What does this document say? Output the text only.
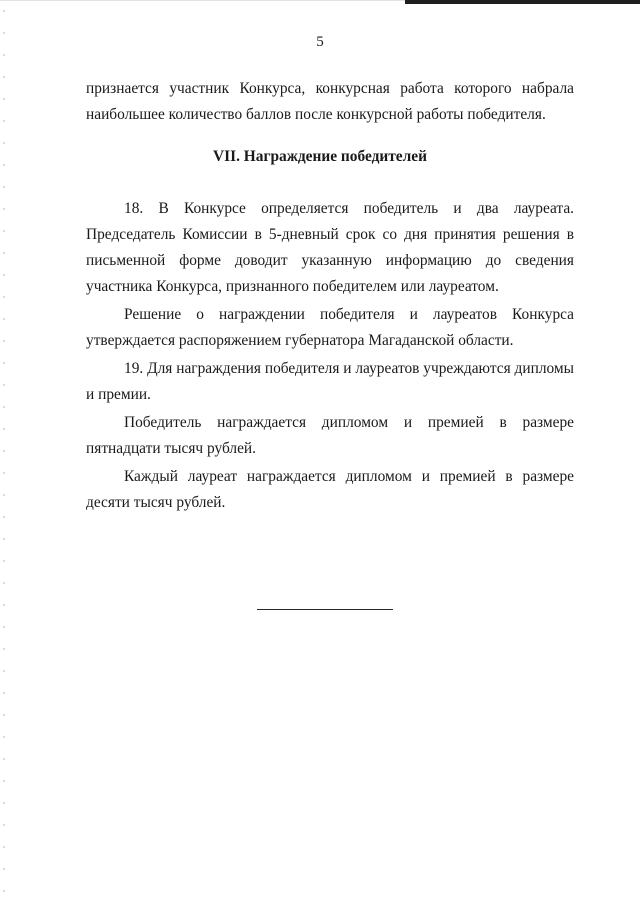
5

признается участник Конкурса, конкурсная работа которого набрала наибольшее количество баллов после конкурсной работы победителя.

VII. Награждение победителей

18. В Конкурсе определяется победитель и два лауреата. Председатель Комиссии в 5-дневный срок со дня принятия решения в письменной форме доводит указанную информацию до сведения участника Конкурса, признанного победителем или лауреатом.

Решение о награждении победителя и лауреатов Конкурса утверждается распоряжением губернатора Магаданской области.

19. Для награждения победителя и лауреатов учреждаются дипломы и премии.

Победитель награждается дипломом и премией в размере пятнадцати тысяч рублей.

Каждый лауреат награждается дипломом и премией в размере десяти тысяч рублей.
